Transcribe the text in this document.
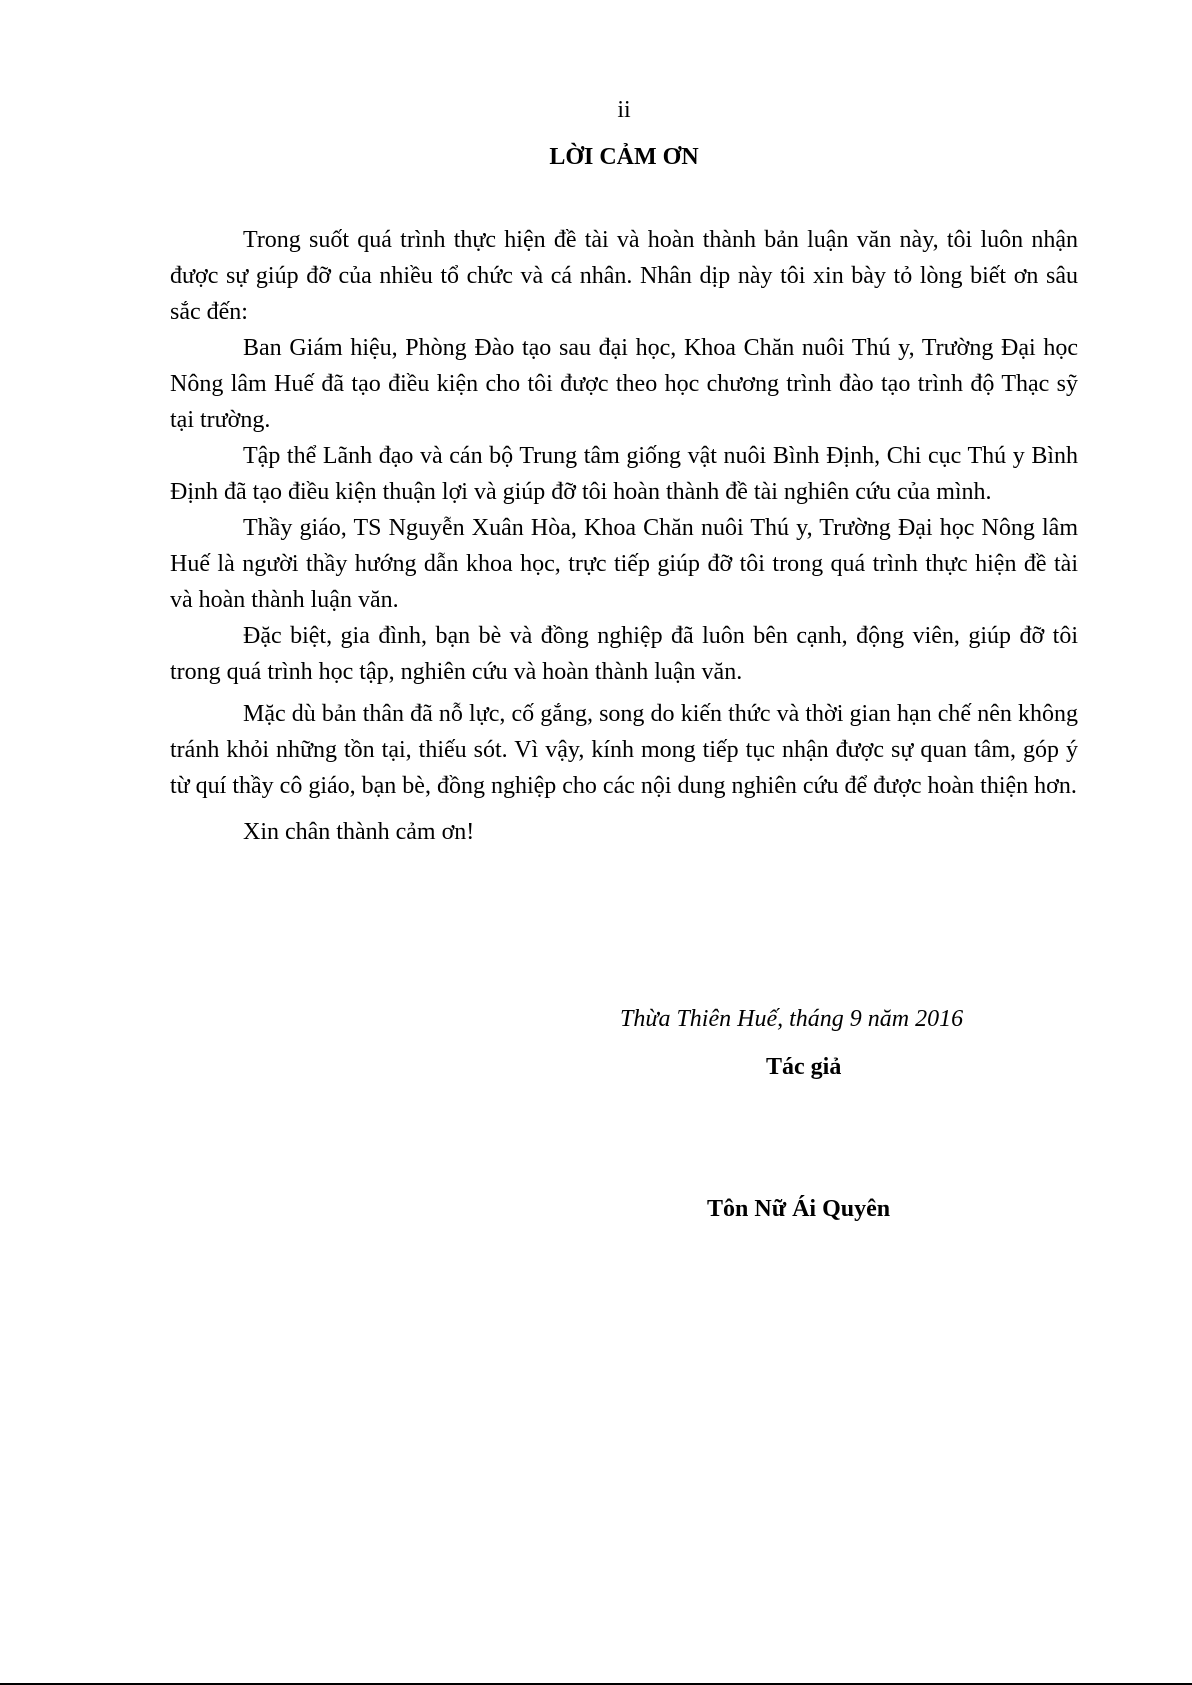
ii
LỜI CẢM ƠN

Trong suốt quá trình thực hiện đề tài và hoàn thành bản luận văn này, tôi luôn nhận được sự giúp đỡ của nhiều tổ chức và cá nhân. Nhân dịp này tôi xin bày tỏ lòng biết ơn sâu sắc đến:

Ban Giám hiệu, Phòng Đào tạo sau đại học, Khoa Chăn nuôi Thú y, Trường Đại học Nông lâm Huế đã tạo điều kiện cho tôi được theo học chương trình đào tạo trình độ Thạc sỹ tại trường.

Tập thể Lãnh đạo và cán bộ Trung tâm giống vật nuôi Bình Định, Chi cục Thú y Bình Định đã tạo điều kiện thuận lợi và giúp đỡ tôi hoàn thành đề tài nghiên cứu của mình.

Thầy giáo, TS Nguyễn Xuân Hòa, Khoa Chăn nuôi Thú y, Trường Đại học Nông lâm Huế là người thầy hướng dẫn khoa học, trực tiếp giúp đỡ tôi trong quá trình thực hiện đề tài và hoàn thành luận văn.

Đặc biệt, gia đình, bạn bè và đồng nghiệp đã luôn bên cạnh, động viên, giúp đỡ tôi trong quá trình học tập, nghiên cứu và hoàn thành luận văn.

Mặc dù bản thân đã nỗ lực, cố gắng, song do kiến thức và thời gian hạn chế nên không tránh khỏi những tồn tại, thiếu sót. Vì vậy, kính mong tiếp tục nhận được sự quan tâm, góp ý từ quí thầy cô giáo, bạn bè, đồng nghiệp cho các nội dung nghiên cứu để được hoàn thiện hơn.

Xin chân thành cảm ơn!

Thừa Thiên Huế, tháng 9 năm 2016
Tác giả
Tôn Nữ Ái Quyên
